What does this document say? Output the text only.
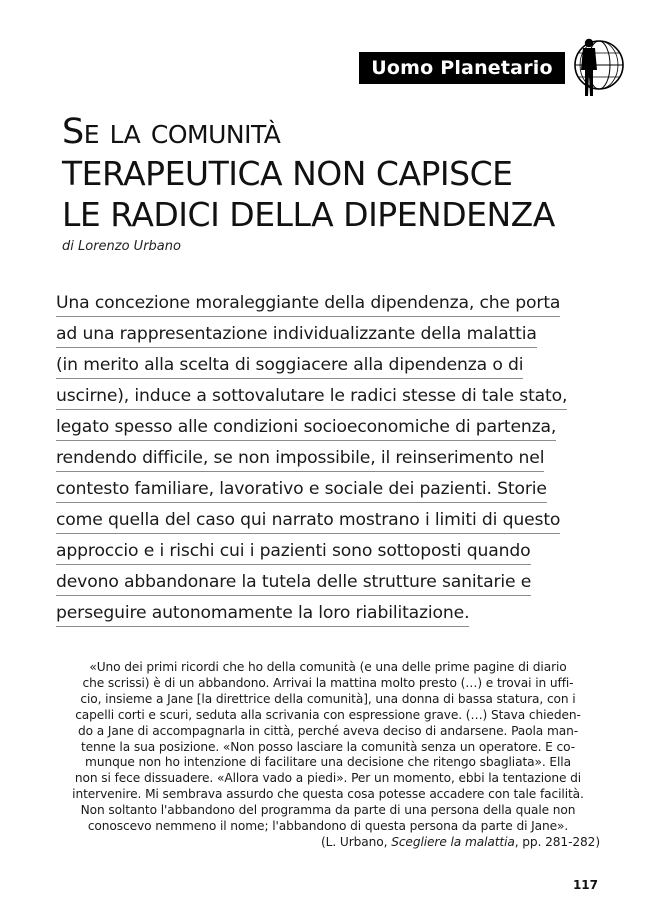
Uomo Planetario
Se la comunità
TERAPEUTICA NON CAPISCE
LE RADICI DELLA DIPENDENZA
di Lorenzo Urbano
Una concezione moraleggiante della dipendenza, che porta
ad una rappresentazione individualizzante della malattia
(in merito alla scelta di soggiacere alla dipendenza o di
uscirne), induce a sottovalutare le radici stesse di tale stato,
legato spesso alle condizioni socioeconomiche di partenza,
rendendo difficile, se non impossibile, il reinserimento nel
contesto familiare, lavorativo e sociale dei pazienti. Storie
come quella del caso qui narrato mostrano i limiti di questo
approccio e i rischi cui i pazienti sono sottoposti quando
devono abbandonare la tutela delle strutture sanitarie e
perseguire autonomamente la loro riabilitazione.
«Uno dei primi ricordi che ho della comunità (e una delle prime pagine di diario
che scrissi) è di un abbandono. Arrivai la mattina molto presto (…) e trovai in uffi-
cio, insieme a Jane [la direttrice della comunità], una donna di bassa statura, con i
capelli corti e scuri, seduta alla scrivania con espressione grave. (…) Stava chieden-
do a Jane di accompagnarla in città, perché aveva deciso di andarsene. Paola man-
tenne la sua posizione. «Non posso lasciare la comunità senza un operatore. E co-
munque non ho intenzione di facilitare una decisione che ritengo sbagliata». Ella
non si fece dissuadere. «Allora vado a piedi». Per un momento, ebbi la tentazione di
intervenire. Mi sembrava assurdo che questa cosa potesse accadere con tale facilità.
Non soltanto l'abbandono del programma da parte di una persona della quale non
conoscevo nemmeno il nome; l'abbandono di questa persona da parte di Jane».
(L. Urbano, Scegliere la malattia, pp. 281-282)
117
